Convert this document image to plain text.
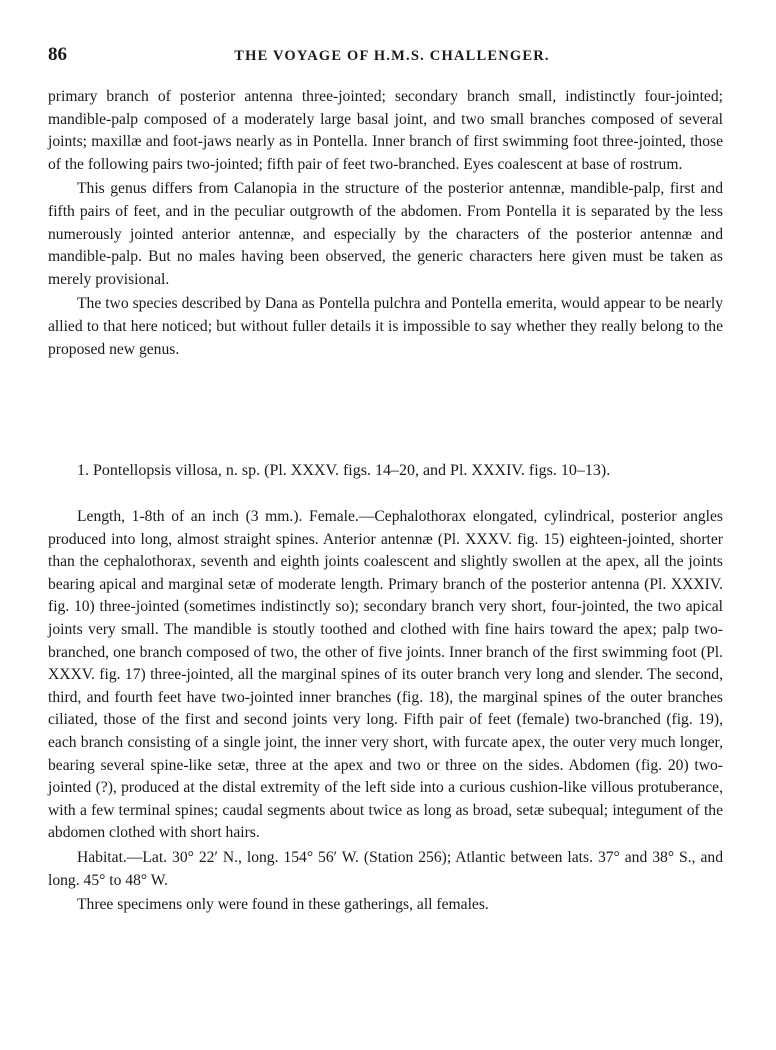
86	THE VOYAGE OF H.M.S. CHALLENGER.

primary branch of posterior antenna three-jointed; secondary branch small, indistinctly four-jointed; mandible-palp composed of a moderately large basal joint, and two small branches composed of several joints; maxillæ and foot-jaws nearly as in Pontella. Inner branch of first swimming foot three-jointed, those of the following pairs two-jointed; fifth pair of feet two-branched. Eyes coalescent at base of rostrum.

This genus differs from Calanopia in the structure of the posterior antennæ, mandible-palp, first and fifth pairs of feet, and in the peculiar outgrowth of the abdomen. From Pontella it is separated by the less numerously jointed anterior antennæ, and especially by the characters of the posterior antennæ and mandible-palp. But no males having been observed, the generic characters here given must be taken as merely provisional.

The two species described by Dana as Pontella pulchra and Pontella emerita, would appear to be nearly allied to that here noticed; but without fuller details it is impossible to say whether they really belong to the proposed new genus.

1. Pontellopsis villosa, n. sp. (Pl. XXXV. figs. 14–20, and Pl. XXXIV. figs. 10–13).

Length, 1-8th of an inch (3 mm.). Female.—Cephalothorax elongated, cylindrical, posterior angles produced into long, almost straight spines. Anterior antennæ (Pl. XXXV. fig. 15) eighteen-jointed, shorter than the cephalothorax, seventh and eighth joints coalescent and slightly swollen at the apex, all the joints bearing apical and marginal setæ of moderate length. Primary branch of the posterior antenna (Pl. XXXIV. fig. 10) three-jointed (sometimes indistinctly so); secondary branch very short, four-jointed, the two apical joints very small. The mandible is stoutly toothed and clothed with fine hairs toward the apex; palp two-branched, one branch composed of two, the other of five joints. Inner branch of the first swimming foot (Pl. XXXV. fig. 17) three-jointed, all the marginal spines of its outer branch very long and slender. The second, third, and fourth feet have two-jointed inner branches (fig. 18), the marginal spines of the outer branches ciliated, those of the first and second joints very long. Fifth pair of feet (female) two-branched (fig. 19), each branch consisting of a single joint, the inner very short, with furcate apex, the outer very much longer, bearing several spine-like setæ, three at the apex and two or three on the sides. Abdomen (fig. 20) two-jointed (?), produced at the distal extremity of the left side into a curious cushion-like villous protuberance, with a few terminal spines; caudal segments about twice as long as broad, setæ subequal; integument of the abdomen clothed with short hairs.

Habitat.—Lat. 30° 22′ N., long. 154° 56′ W. (Station 256); Atlantic between lats. 37° and 38° S., and long. 45° to 48° W.

Three specimens only were found in these gatherings, all females.
